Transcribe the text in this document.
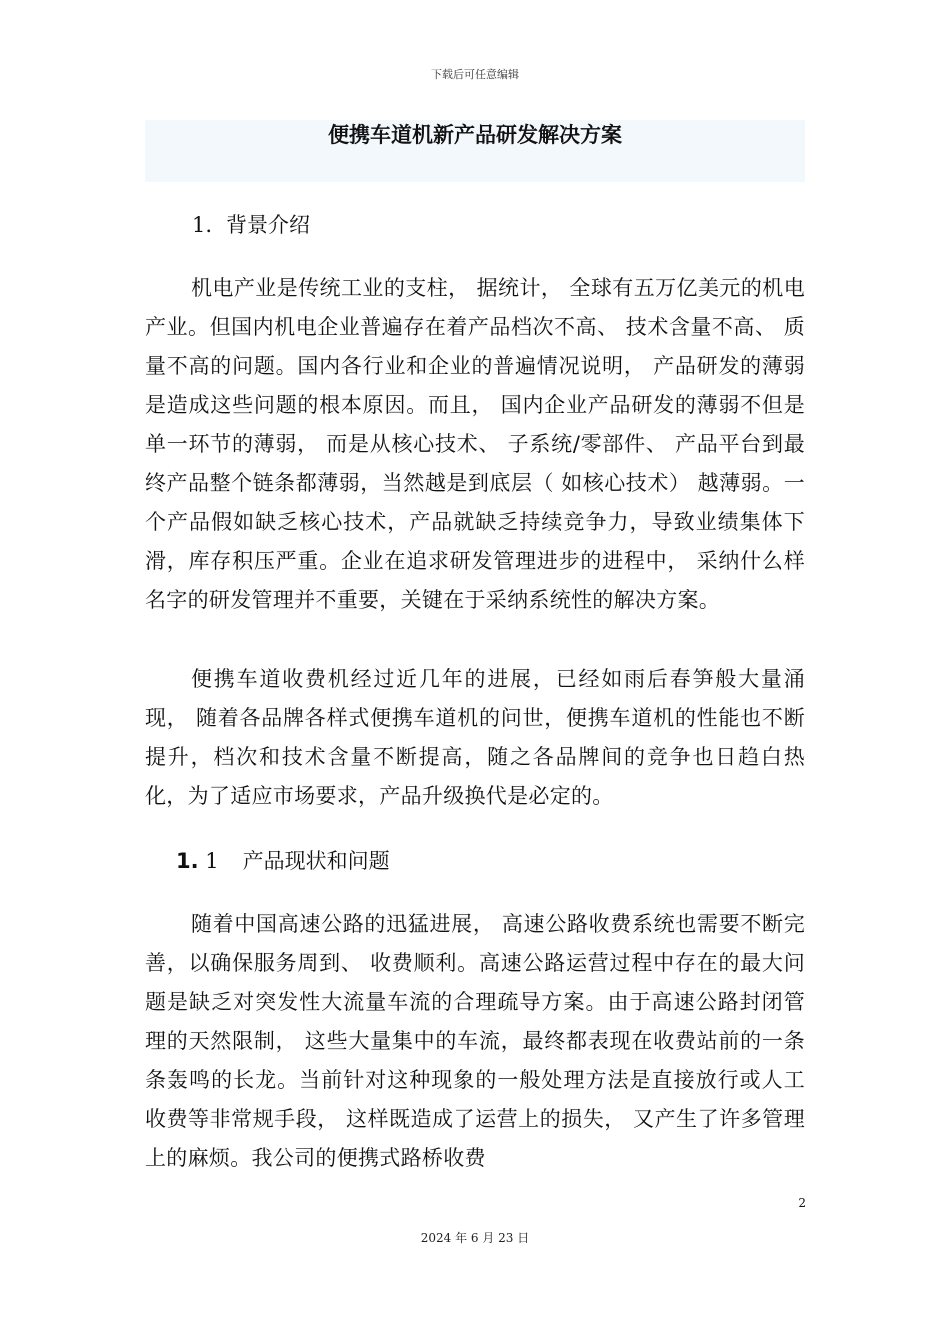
下载后可任意编辑
便携车道机新产品研发解决方案
1. 背景介绍

机电产业是传统工业的支柱， 据统计， 全球有五万亿美元的机电产业。但国内机电企业普遍存在着产品档次不高、 技术含量不高、 质量不高的问题。国内各行业和企业的普遍情况说明， 产品研发的薄弱是造成这些问题的根本原因。而且， 国内企业产品研发的薄弱不但是单一环节的薄弱， 而是从核心技术、 子系统/零部件、 产品平台到最终产品整个链条都薄弱，当然越是到底层（ 如核心技术） 越薄弱。一个产品假如缺乏核心技术，产品就缺乏持续竞争力，导致业绩集体下滑，库存积压严重。企业在追求研发管理进步的进程中， 采纳什么样名字的研发管理并不重要，关键在于采纳系统性的解决方案。

便携车道收费机经过近几年的进展，已经如雨后春笋般大量涌现， 随着各品牌各样式便携车道机的问世，便携车道机的性能也不断提升，档次和技术含量不断提高，随之各品牌间的竞争也日趋白热化，为了适应市场要求，产品升级换代是必定的。

1. 1 产品现状和问题

随着中国高速公路的迅猛进展， 高速公路收费系统也需要不断完善，以确保服务周到、 收费顺利。高速公路运营过程中存在的最大问题是缺乏对突发性大流量车流的合理疏导方案。由于高速公路封闭管理的天然限制， 这些大量集中的车流，最终都表现在收费站前的一条条轰鸣的长龙。当前针对这种现象的一般处理方法是直接放行或人工收费等非常规手段， 这样既造成了运营上的损失， 又产生了许多管理上的麻烦。我公司的便携式路桥收费

2
2024 年 6 月 23 日
